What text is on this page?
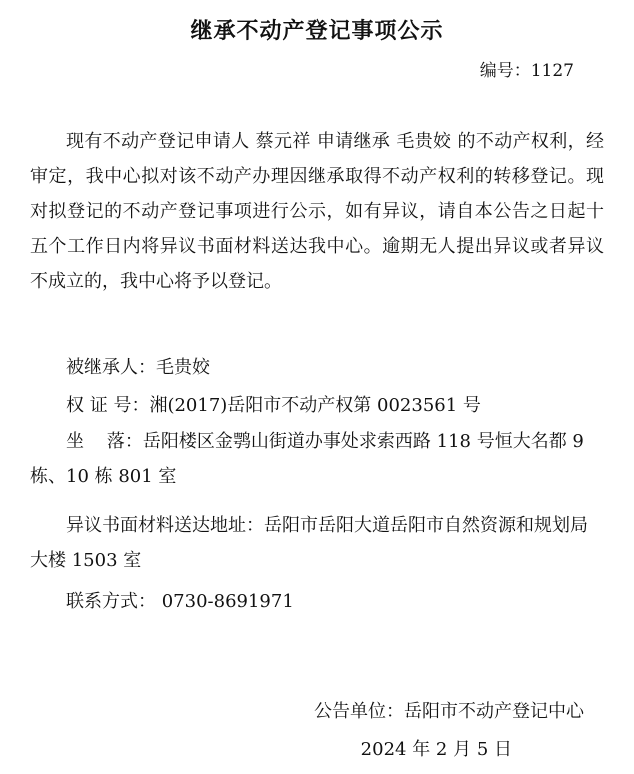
继承不动产登记事项公示
编号：1127

现有不动产登记申请人 蔡元祥 申请继承 毛贵姣 的不动产权利，经审定，我中心拟对该不动产办理因继承取得不动产权利的转移登记。现对拟登记的不动产登记事项进行公示，如有异议，请自本公告之日起十五个工作日内将异议书面材料送达我中心。逾期无人提出异议或者异议不成立的，我中心将予以登记。

被继承人：毛贵姣
权 证 号：湘(2017)岳阳市不动产权第 0023561 号
坐    落：岳阳楼区金鹗山街道办事处求索西路 118 号恒大名都 9 栋、10 栋 801 室
异议书面材料送达地址：岳阳市岳阳大道岳阳市自然资源和规划局大楼 1503 室
联系方式： 0730-8691971
公告单位：岳阳市不动产登记中心
2024 年 2 月 5 日
